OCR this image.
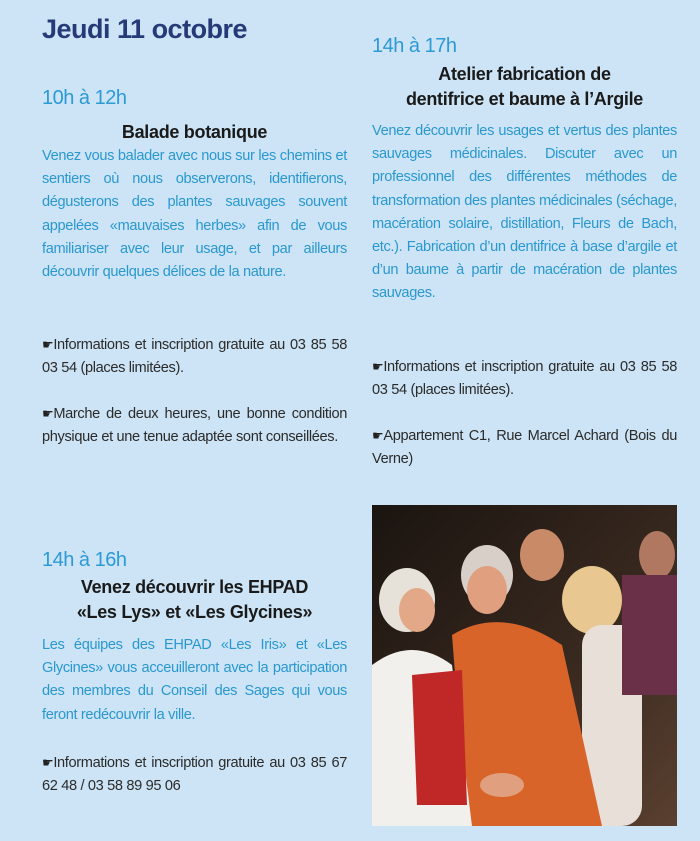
Jeudi 11 octobre
10h à 12h
Balade botanique
Venez vous balader avec nous sur les chemins et sentiers où nous observerons, identifierons, dégusterons des plantes sauvages souvent appelées «mauvaises herbes» afin de vous familiariser avec leur usage, et par ailleurs découvrir quelques délices de la nature.
☛Informations et inscription gratuite au 03 85 58 03 54 (places limitées).
☛Marche de deux heures, une bonne condition physique et une tenue adaptée sont conseillées.
14h à 17h
Atelier fabrication de
dentifrice et baume à l’Argile
Venez découvrir les usages et vertus des plantes sauvages médicinales. Discuter avec un professionnel des différentes méthodes de transformation des plantes médicinales (séchage, macération solaire, distillation, Fleurs de Bach, etc.). Fabrication d’un dentifrice à base d’argile et d’un baume à partir de macération de plantes sauvages.
☛Informations et inscription gratuite au 03 85 58 03 54 (places limitées).
☛Appartement C1, Rue Marcel Achard (Bois du Verne)
14h à 16h
Venez découvrir les EHPAD
«Les Lys» et «Les Glycines»
Les équipes des EHPAD «Les Iris» et «Les Glycines» vous acceuilleront avec la participation des membres du Conseil des Sages qui vous feront redécouvrir la ville.
☛Informations et inscription gratuite au 03 85 67 62 48 / 03 58 89 95 06
